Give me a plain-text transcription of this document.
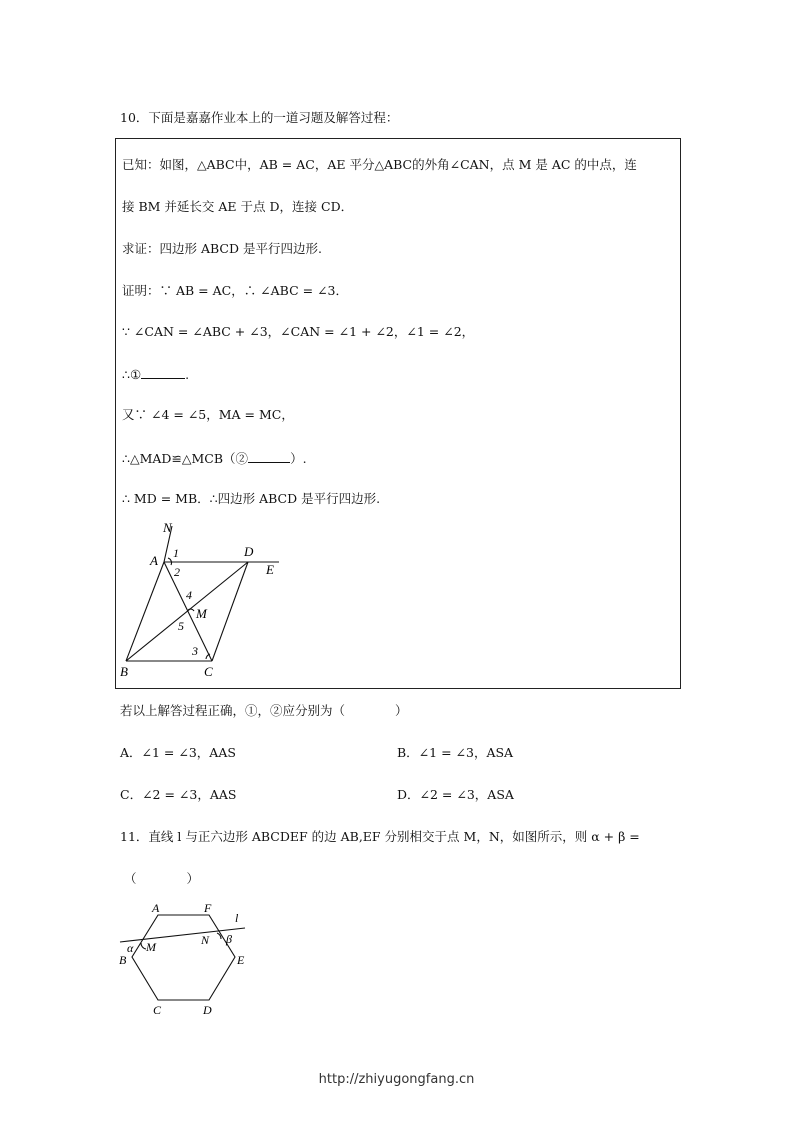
10．下面是嘉嘉作业本上的一道习题及解答过程：
已知：如图，△ABC中，AB = AC，AE 平分△ABC的外角∠CAN，点 M 是 AC 的中点，连
接 BM 并延长交 AE 于点 D，连接 CD．
求证：四边形 ABCD 是平行四边形.
证明：∵ AB = AC，∴ ∠ABC = ∠3．
∵ ∠CAN = ∠ABC + ∠3，∠CAN = ∠1 + ∠2，∠1 = ∠2，
∴①	.
又∵ ∠4 = ∠5，MA = MC，
∴△MAD≌△MCB（②	）.
∴ MD = MB．∴四边形 ABCD 是平行四边形.
N
A 1
2
D
E
4
M
5
3
B	C
若以上解答过程正确，①，②应分别为（　　　　）
A．∠1 = ∠3，AAS	B．∠1 = ∠3，ASA
C．∠2 = ∠3，AAS	D．∠2 = ∠3，ASA
11．直线 l 与正六边形 ABCDEF 的边 AB,EF 分别相交于点 M，N，如图所示，则 α + β =
（　　　　）
A	F
l
α M	N β
B	E
C	D
http://zhiyugongfang.cn
